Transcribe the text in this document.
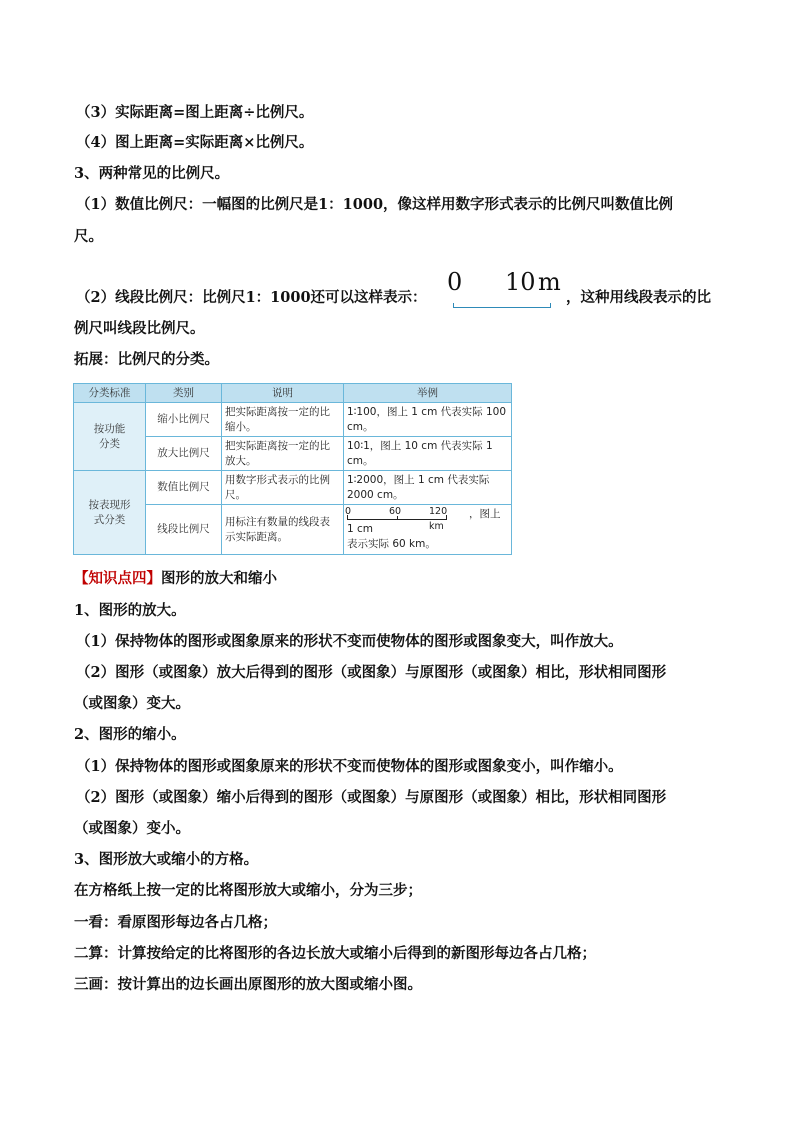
（3）实际距离=图上距离÷比例尺。
（4）图上距离=实际距离×比例尺。
3、两种常见的比例尺。
（1）数值比例尺：一幅图的比例尺是1：1000，像这样用数字形式表示的比例尺叫数值比例
尺。
（2）线段比例尺：比例尺1：1000还可以这样表示：
0 10 m
，这种用线段表示的比
例尺叫线段比例尺。
拓展：比例尺的分类。
分类标准	类别	说明	举例

按功能分类	缩小比例尺	把实际距离按一定的比缩小。	1∶100，图上 1 cm 代表实际 100 cm。
	放大比例尺	把实际距离按一定的比放大。	10∶1，图上 10 cm 代表实际 1 cm。

按表现形式分类	数值比例尺	用数字形式表示的比例尺。	1∶2000，图上 1 cm 代表实际 2000 cm。
	线段比例尺	用标注有数量的线段表示实际距离。	0 60 120 km
，图上 1 cm
表示实际 60 km。
【知识点四】图形的放大和缩小
1、图形的放大。
（1）保持物体的图形或图象原来的形状不变而使物体的图形或图象变大，叫作放大。
（2）图形（或图象）放大后得到的图形（或图象）与原图形（或图象）相比，形状相同图形
（或图象）变大。
2、图形的缩小。
（1）保持物体的图形或图象原来的形状不变而使物体的图形或图象变小，叫作缩小。
（2）图形（或图象）缩小后得到的图形（或图象）与原图形（或图象）相比，形状相同图形
（或图象）变小。
3、图形放大或缩小的方格。
在方格纸上按一定的比将图形放大或缩小，分为三步；
一看：看原图形每边各占几格；
二算：计算按给定的比将图形的各边长放大或缩小后得到的新图形每边各占几格；
三画：按计算出的边长画出原图形的放大图或缩小图。
